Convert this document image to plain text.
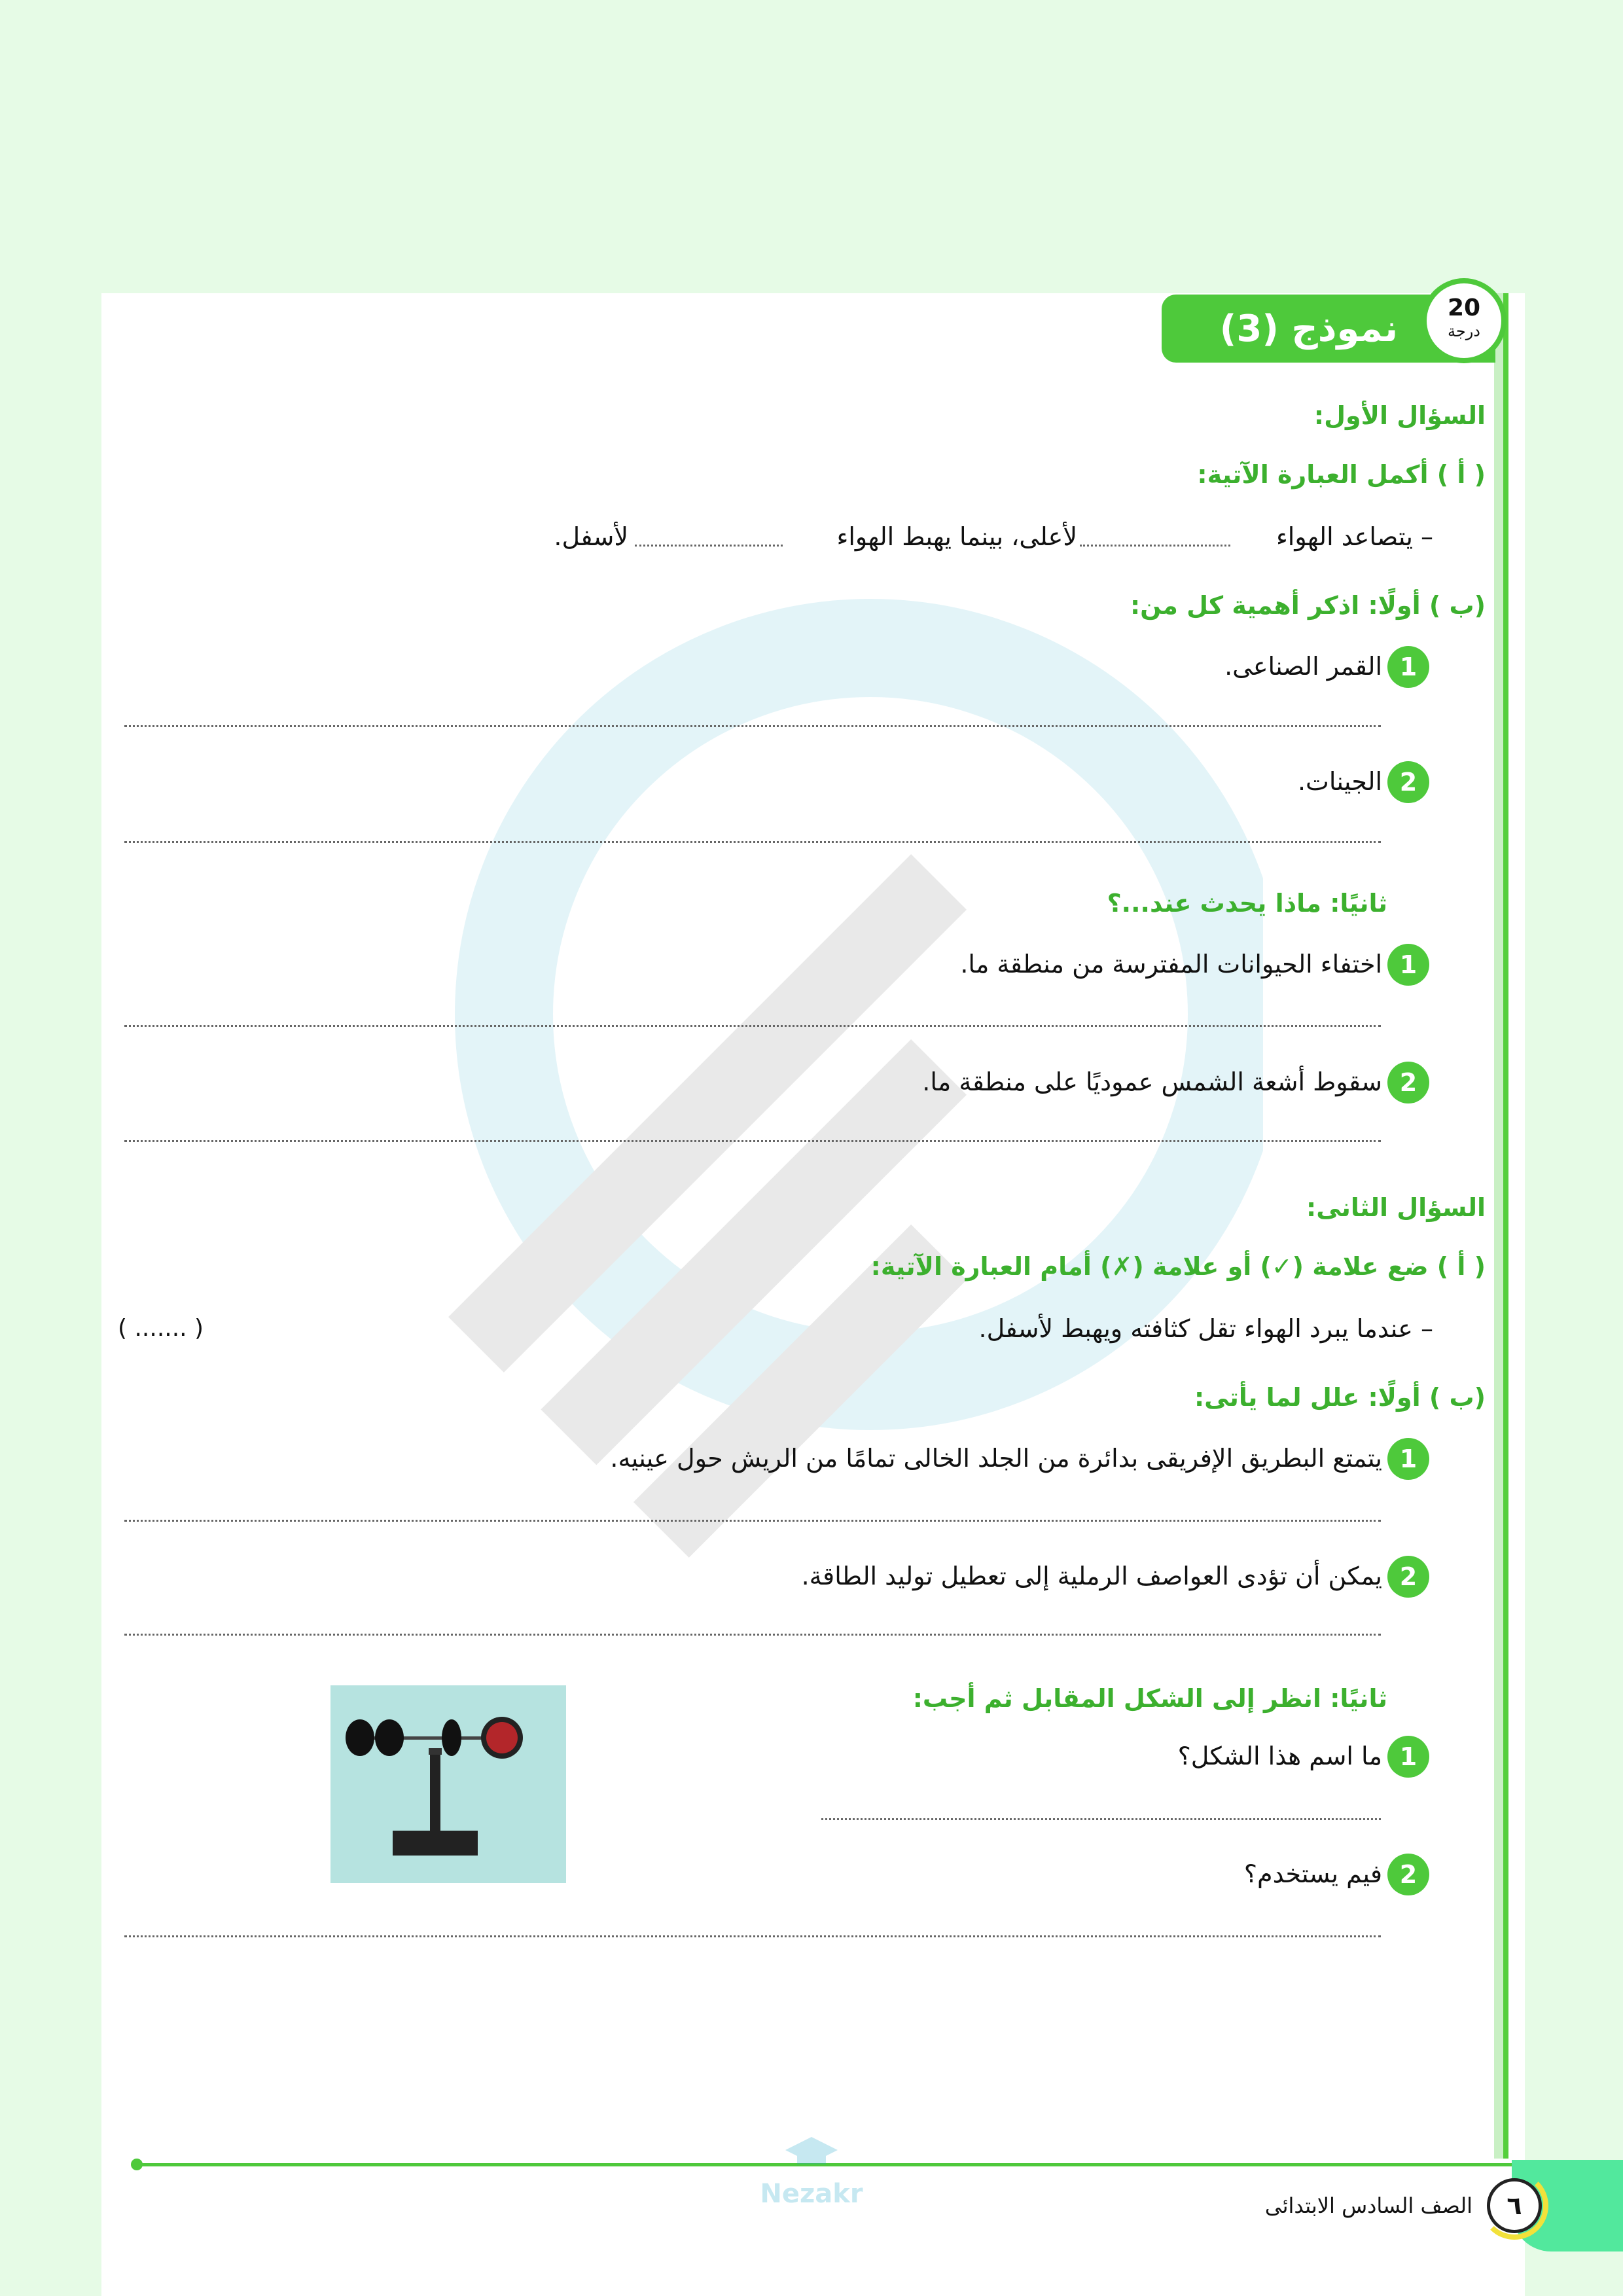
نموذج (3)	20
درجة
السؤال الأول:
( أ ) أكمل العبارة الآتية:
– يتصاعد الهواء
لأعلى، بينما يهبط الهواء
لأسفل.
(ب ) أولًا: اذكر أهمية كل من:
1
القمر الصناعى.
2
الجينات.
ثانيًا: ماذا يحدث عند...؟
1
اختفاء الحيوانات المفترسة من منطقة ما.
2
سقوط أشعة الشمس عموديًا على منطقة ما.
السؤال الثانى:
( أ ) ضع علامة (✓) أو علامة (✗) أمام العبارة الآتية:
– عندما يبرد الهواء تقل كثافته ويهبط لأسفل.
( ....... )
(ب ) أولًا: علل لما يأتى:
1
يتمتع البطريق الإفريقى بدائرة من الجلد الخالى تمامًا من الريش حول عينيه.
2
يمكن أن تؤدى العواصف الرملية إلى تعطيل توليد الطاقة.
ثانيًا: انظر إلى الشكل المقابل ثم أجب:
1
ما اسم هذا الشكل؟
2
فيم يستخدم؟
Nezakr	الصف السادس الابتدائى	٦
